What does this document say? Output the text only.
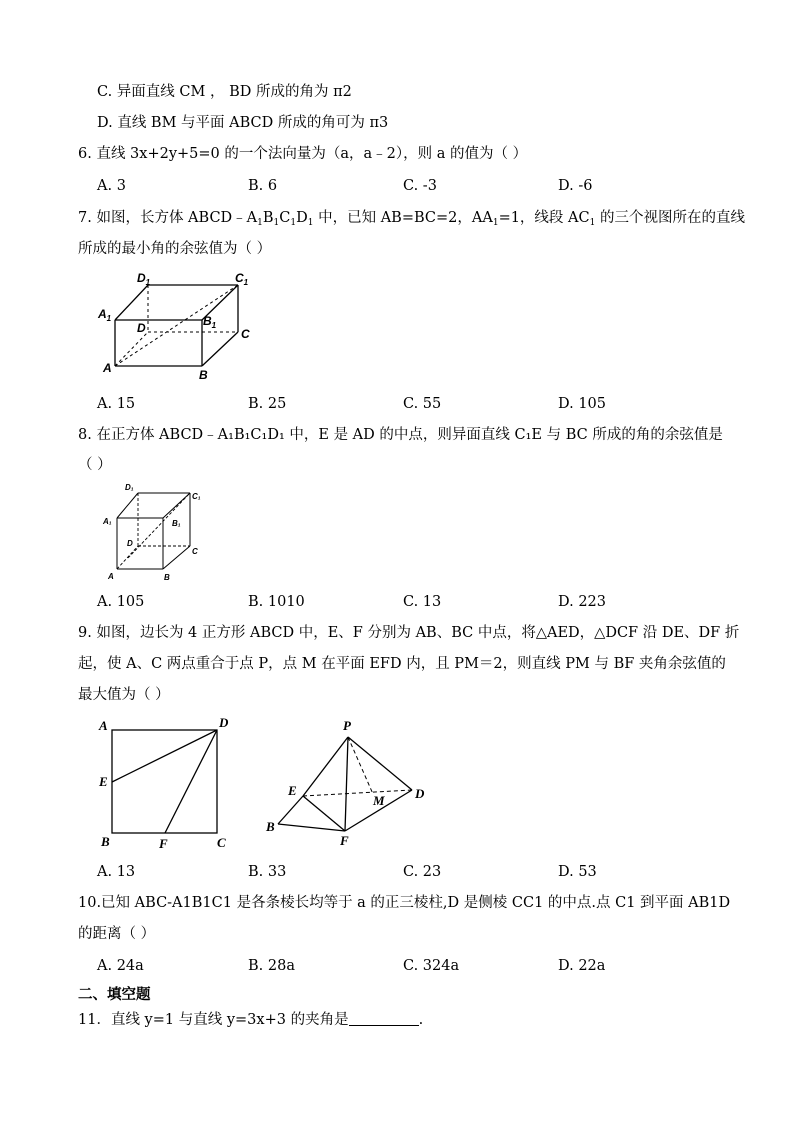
C. 异面直线 CM ， BD 所成的角为 π2
D. 直线 BM 与平面 ABCD 所成的角可为 π3
6. 直线 3x+2y+5=0 的一个法向量为（a，a﹣2），则 a 的值为（ ）
A. 3	B. 6	C. -3	D. -6
7. 如图，长方体 $ABCD﹣A_1B_1C_1D_1$ 中，已知 AB=BC=2，$AA_1=1$，线段 $AC_1$ 的三个视图所在的直线
所成的最小角的余弦值为（ ）
$D_1$	$C_1$
$A_1$	$B_1$
D	C
A	B
A. 15	B. 25	C. 55	D. 105
8. 在正方体 ABCD﹣A₁B₁C₁D₁ 中，E 是 AD 的中点，则异面直线 C₁E 与 BC 所成的角的余弦值是
（ ）
D₁
C₁
A₁	B₁
D
C
A	B
A. 105	B. 1010	C. 13	D. 223
9. 如图，边长为 4 正方形 ABCD 中，E、F 分别为 AB、BC 中点，将△AED，△DCF 沿 DE、DF 折
起，使 A、C 两点重合于点 P，点 M 在平面 EFD 内，且 PM＝2，则直线 PM 与 BF 夹角余弦值的
最大值为（ ）
A	D
E
B	F	C
P
E
M D
B
F
A. 13	B. 33	C. 23	D. 53
10.已知 ABC-A1B1C1 是各条棱长均等于 a 的正三棱柱,D 是侧棱 CC1 的中点.点 C1 到平面 AB1D
的距离（ ）
A. 24a	B. 28a	C. 324a	D. 22a
二、填空题
11．直线 y=1 与直线 y=3x+3 的夹角是	.
